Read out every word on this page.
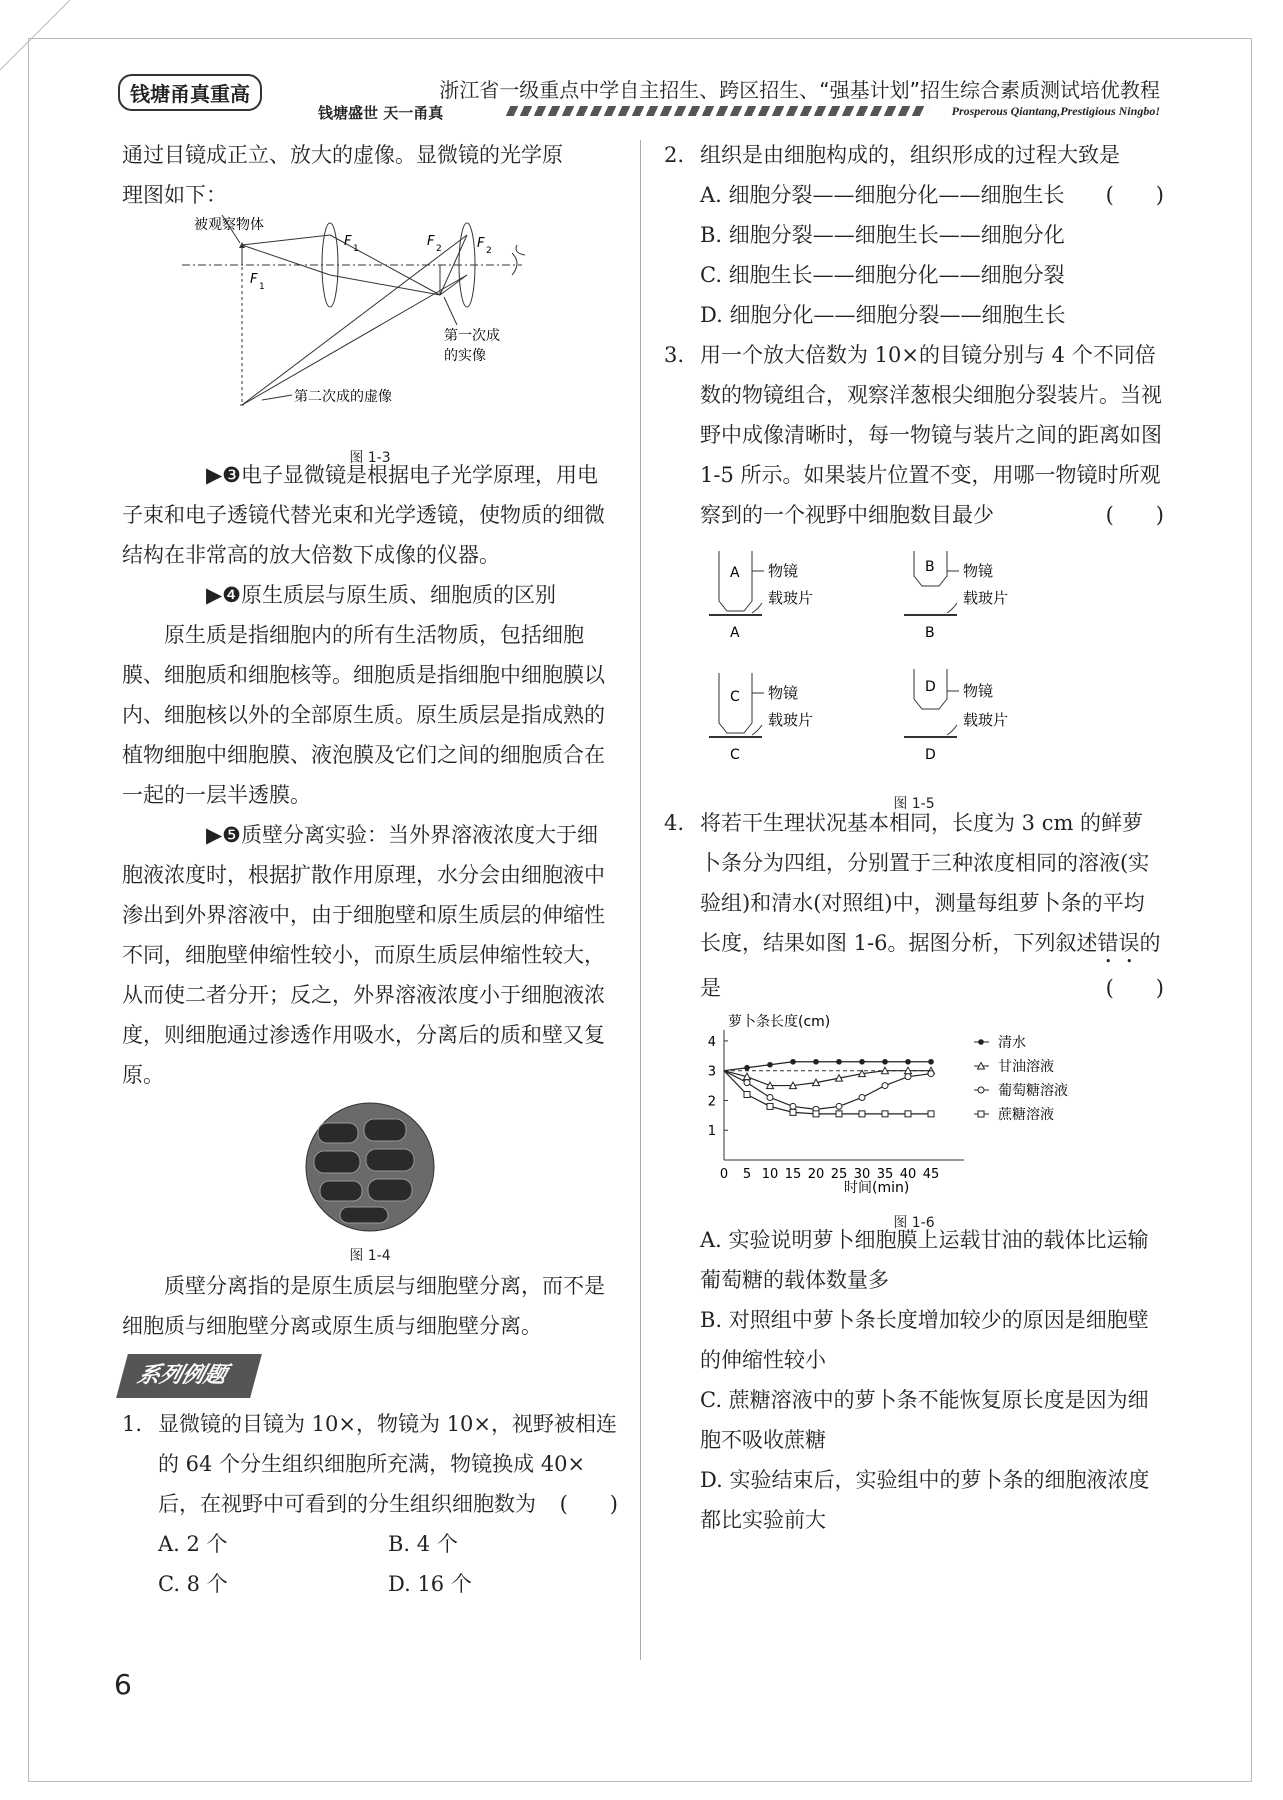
钱塘甬真重高
钱塘盛世 天一甬真
浙江省一级重点中学自主招生、跨区招生、“强基计划”招生综合素质测试培优教程
Prosperous Qiantang,Prestigious Ningbo!

通过目镜成正立、放大的虚像。显微镜的光学原

理图如下：

被观察物体
F 1
F 1	F 2	F 2
第一次成
的实像
第二次成的虚像
图 1-3

▶❸电子显微镜是根据电子光学原理，用电子束和电子透镜代替光束和光学透镜，使物质的细微结构在非常高的放大倍数下成像的仪器。

▶❹原生质层与原生质、细胞质的区别

原生质是指细胞内的所有生活物质，包括细胞膜、细胞质和细胞核等。细胞质是指细胞中细胞膜以内、细胞核以外的全部原生质。原生质层是指成熟的植物细胞中细胞膜、液泡膜及它们之间的细胞质合在一起的一层半透膜。

▶❺质壁分离实验：当外界溶液浓度大于细胞液浓度时，根据扩散作用原理，水分会由细胞液中渗出到外界溶液中，由于细胞壁和原生质层的伸缩性不同，细胞壁伸缩性较小，而原生质层伸缩性较大，从而使二者分开；反之，外界溶液浓度小于细胞液浓度，则细胞通过渗透作用吸水，分离后的质和壁又复原。

图 1-4

质壁分离指的是原生质层与细胞壁分离，而不是细胞质与细胞壁分离或原生质与细胞壁分离。

系列例题
1. 显微镜的目镜为 10×，物镜为 10×，视野被相连的 64 个分生组织细胞所充满，物镜换成 40×后，在视野中可看到的分生组织细胞数为 (　　)
A. 2 个	B. 4 个
C. 8 个	D. 16 个
2. 组织是由细胞构成的，组织形成的过程大致是
(　　)

A. 细胞分裂——细胞分化——细胞生长

B. 细胞分裂——细胞生长——细胞分化

C. 细胞生长——细胞分化——细胞分裂

D. 细胞分化——细胞分裂——细胞生长

3. 用一个放大倍数为 10×的目镜分别与 4 个不同倍数的物镜组合，观察洋葱根尖细胞分裂装片。当视野中成像清晰时，每一物镜与装片之间的距离如图 1-5 所示。如果装片位置不变，用哪一物镜时所观察到的一个视野中细胞数目最少	(　　)
A	B
C
D
A	B
C	D
物镜
载玻片
物镜
载玻片
物镜
载玻片
物镜
载玻片
图 1-5
4. 将若干生理状况基本相同，长度为 3 cm 的鲜萝卜条分为四组，分别置于三种浓度相同的溶液(实验组)和清水(对照组)中，测量每组萝卜条的平均长度，结果如图 1-6。据图分析，下列叙述错误的是	(　　)
萝卜条长度(cm)
时间(min)
0 5 10 15 20 25 30 35 40 45
1
2
3
4	清水
甘油溶液
葡萄糖溶液
蔗糖溶液
图 1-6

A. 实验说明萝卜细胞膜上运载甘油的载体比运输葡萄糖的载体数量多

B. 对照组中萝卜条长度增加较少的原因是细胞壁的伸缩性较小

C. 蔗糖溶液中的萝卜条不能恢复原长度是因为细胞不吸收蔗糖

D. 实验结束后，实验组中的萝卜条的细胞液浓度都比实验前大

6
